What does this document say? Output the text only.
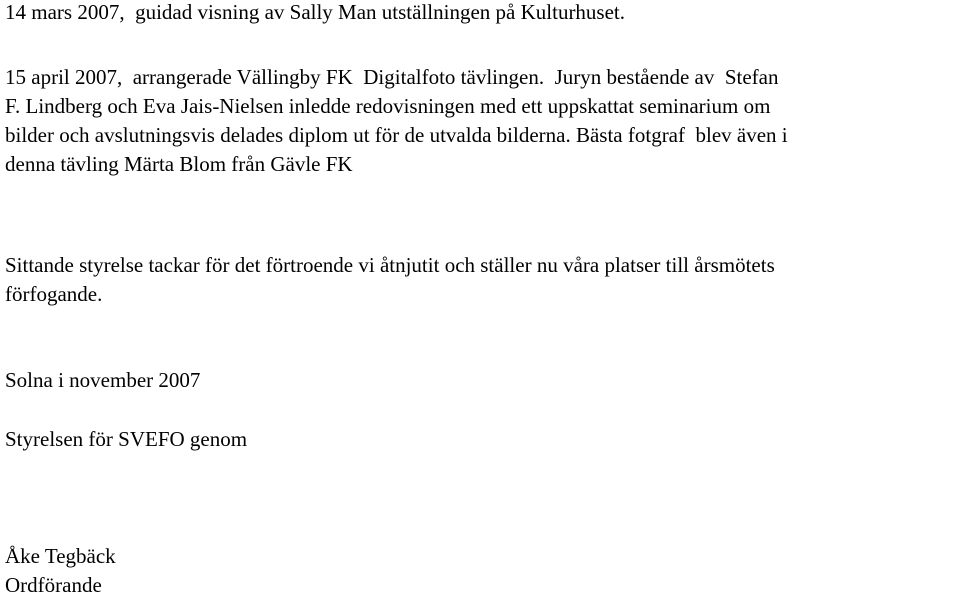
14 mars 2007,  guidad visning av Sally Man utställningen på Kulturhuset.

15 april 2007,  arrangerade Vällingby FK  Digitalfoto tävlingen.  Juryn bestående av  Stefan

F. Lindberg och Eva Jais-Nielsen inledde redovisningen med ett uppskattat seminarium om

bilder och avslutningsvis delades diplom ut för de utvalda bilderna. Bästa fotgraf  blev även i

denna tävling Märta Blom från Gävle FK

Sittande styrelse tackar för det förtroende vi åtnjutit och ställer nu våra platser till årsmötets

förfogande.

Solna i november 2007

Styrelsen för SVEFO genom

Åke Tegbäck

Ordförande
